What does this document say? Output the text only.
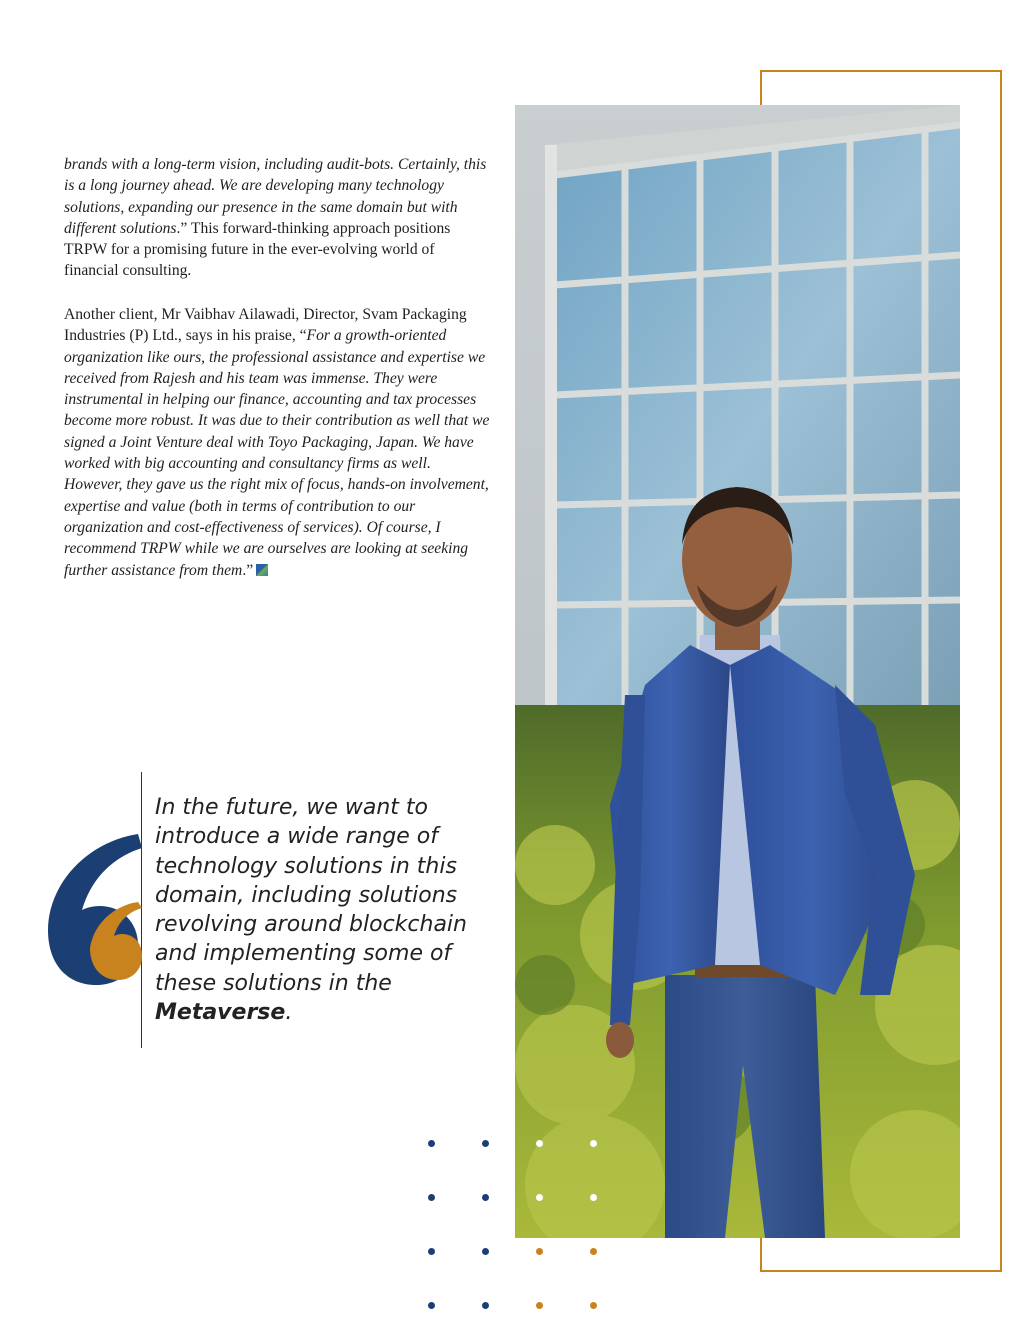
brands with a long-term vision, including audit-bots. Certainly, this is a long journey ahead. We are developing many technology solutions, expanding our presence in the same domain but with different solutions.” This forward-thinking approach positions TRPW for a promising future in the ever-evolving world of financial consulting.

Another client, Mr Vaibhav Ailawadi, Director, Svam Packaging Industries (P) Ltd., says in his praise, “For a growth-oriented organization like ours, the professional assistance and expertise we received from Rajesh and his team was immense. They were instrumental in helping our finance, accounting and tax processes become more robust. It was due to their contribution as well that we signed a Joint Venture deal with Toyo Packaging, Japan. We have worked with big accounting and consultancy firms as well. However, they gave us the right mix of focus, hands-on involvement, expertise and value (both in terms of contribution to our organization and cost-effectiveness of services). Of course, I recommend TRPW while we are ourselves are looking at seeking further assistance from them.”

In the future, we want to introduce a wide range of technology solutions in this domain, including solutions revolving around blockchain and implementing some of these solutions in the Metaverse.
